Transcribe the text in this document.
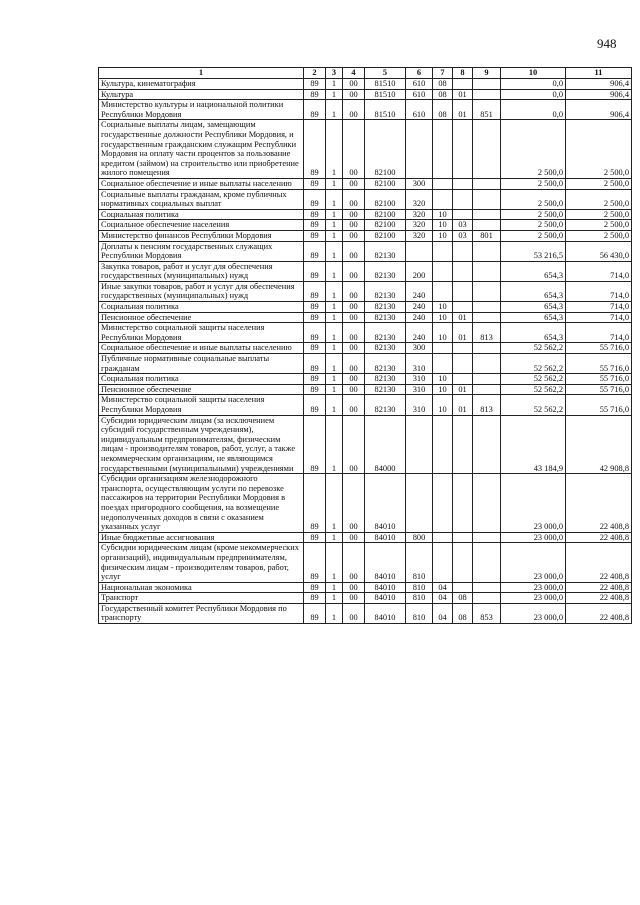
948
1	2	3	4	5	6	7	8	9	10	11
Культура, кинематография	89	1	00	81510	610	08			0,0	906,4
Культура	89	1	00	81510	610	08	01		0,0	906,4
Министерство культуры и национальной политики Республики Мордовия	89	1	00	81510	610	08	01	851	0,0	906,4
Социальные выплаты лицам, замещающим государственные должности Республики Мордовия, и государственным гражданским служащим Республики Мордовия на оплату части процентов за пользование кредитом (займом) на строительство или приобретение жилого помещения	89	1	00	82100					2 500,0	2 500,0
Социальное обеспечение и иные выплаты населению	89	1	00	82100	300				2 500,0	2 500,0
Социальные выплаты гражданам, кроме публичных нормативных социальных выплат	89	1	00	82100	320				2 500,0	2 500,0
Социальная политика	89	1	00	82100	320	10			2 500,0	2 500,0
Социальное обеспечение населения	89	1	00	82100	320	10	03		2 500,0	2 500,0
Министерство финансов Республики Мордовия	89	1	00	82100	320	10	03	801	2 500,0	2 500,0
Доплаты к пенсиям государственных служащих Республики Мордовия	89	1	00	82130					53 216,5	56 430,0
Закупка товаров, работ и услуг для обеспечения государственных (муниципальных) нужд	89	1	00	82130	200				654,3	714,0
Иные закупки товаров, работ и услуг для обеспечения государственных (муниципальных) нужд	89	1	00	82130	240				654,3	714,0
Социальная политика	89	1	00	82130	240	10			654,3	714,0
Пенсионное обеспечение	89	1	00	82130	240	10	01		654,3	714,0
Министерство социальной защиты населения Республики Мордовия	89	1	00	82130	240	10	01	813	654,3	714,0
Социальное обеспечение и иные выплаты населению	89	1	00	82130	300				52 562,2	55 716,0
Публичные нормативные социальные выплаты гражданам	89	1	00	82130	310				52 562,2	55 716,0
Социальная политика	89	1	00	82130	310	10			52 562,2	55 716,0
Пенсионное обеспечение	89	1	00	82130	310	10	01		52 562,2	55 716,0
Министерство социальной защиты населения Республики Мордовия	89	1	00	82130	310	10	01	813	52 562,2	55 716,0
Субсидии юридическим лицам (за исключением субсидий государственным учреждениям), индивидуальным предпринимателям, физическим лицам - производителям товаров, работ, услуг, а также некоммерческим организациям, не являющимся государственными (муниципальными) учреждениями	89	1	00	84000					43 184,9	42 908,8
Субсидии организациям железнодорожного транспорта, осуществляющим услуги по перевозке пассажиров на территории Республики Мордовия в поездах пригородного сообщения, на возмещение недополученных доходов в связи с оказанием указанных услуг	89	1	00	84010					23 000,0	22 408,8
Иные бюджетные ассигнования	89	1	00	84010	800				23 000,0	22 408,8
Субсидии юридическим лицам (кроме некоммерческих организаций), индивидуальным предпринимателям, физическим лицам - производителям товаров, работ, услуг	89	1	00	84010	810				23 000,0	22 408,8
Национальная экономика	89	1	00	84010	810	04			23 000,0	22 408,8
Транспорт	89	1	00	84010	810	04	08		23 000,0	22 408,8
Государственный комитет Республики Мордовия по транспорту	89	1	00	84010	810	04	08	853	23 000,0	22 408,8
